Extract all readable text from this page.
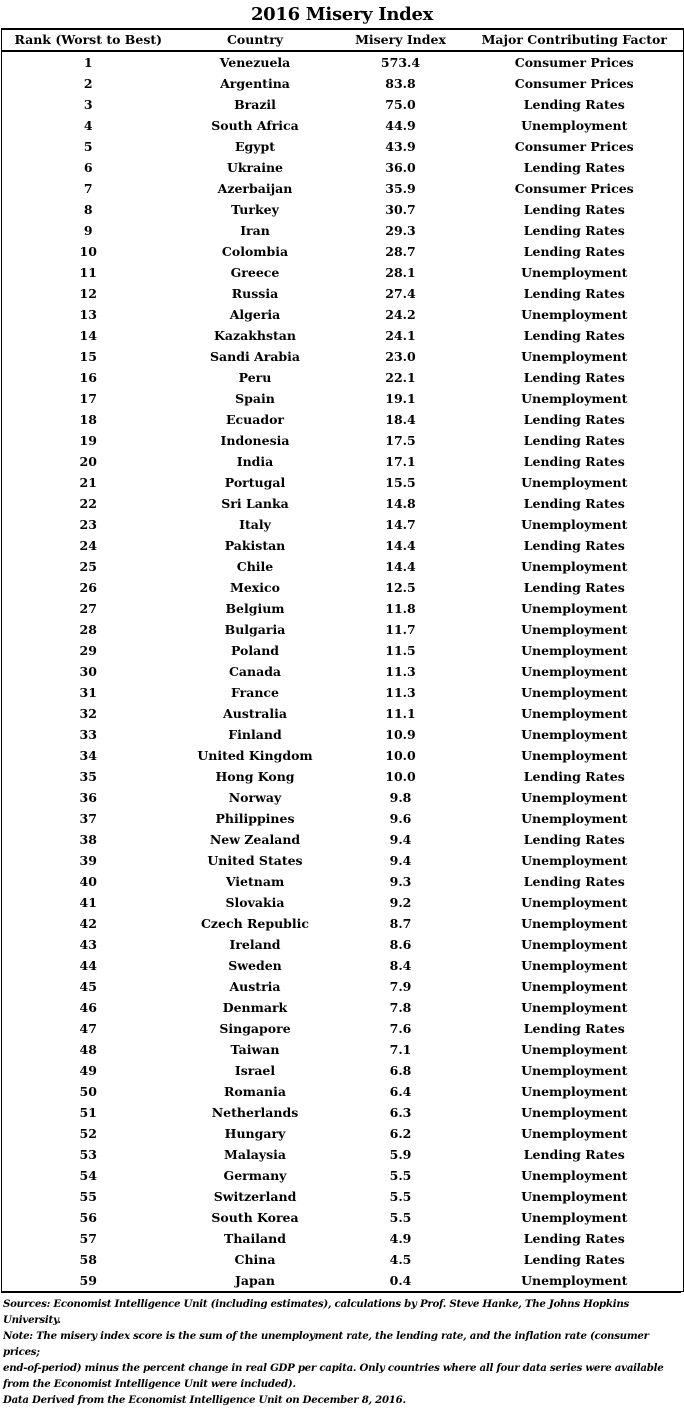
2016 Misery Index
Rank (Worst to Best)	Country	Misery Index	Major Contributing Factor
1	Venezuela	573.4	Consumer Prices
2	Argentina	83.8	Consumer Prices
3	Brazil	75.0	Lending Rates
4	South Africa	44.9	Unemployment
5	Egypt	43.9	Consumer Prices
6	Ukraine	36.0	Lending Rates
7	Azerbaijan	35.9	Consumer Prices
8	Turkey	30.7	Lending Rates
9	Iran	29.3	Lending Rates
10	Colombia	28.7	Lending Rates
11	Greece	28.1	Unemployment
12	Russia	27.4	Lending Rates
13	Algeria	24.2	Unemployment
14	Kazakhstan	24.1	Lending Rates
15	Sandi Arabia	23.0	Unemployment
16	Peru	22.1	Lending Rates
17	Spain	19.1	Unemployment
18	Ecuador	18.4	Lending Rates
19	Indonesia	17.5	Lending Rates
20	India	17.1	Lending Rates
21	Portugal	15.5	Unemployment
22	Sri Lanka	14.8	Lending Rates
23	Italy	14.7	Unemployment
24	Pakistan	14.4	Lending Rates
25	Chile	14.4	Unemployment
26	Mexico	12.5	Lending Rates
27	Belgium	11.8	Unemployment
28	Bulgaria	11.7	Unemployment
29	Poland	11.5	Unemployment
30	Canada	11.3	Unemployment
31	France	11.3	Unemployment
32	Australia	11.1	Unemployment
33	Finland	10.9	Unemployment
34	United Kingdom	10.0	Unemployment
35	Hong Kong	10.0	Lending Rates
36	Norway	9.8	Unemployment
37	Philippines	9.6	Unemployment
38	New Zealand	9.4	Lending Rates
39	United States	9.4	Unemployment
40	Vietnam	9.3	Lending Rates
41	Slovakia	9.2	Unemployment
42	Czech Republic	8.7	Unemployment
43	Ireland	8.6	Unemployment
44	Sweden	8.4	Unemployment
45	Austria	7.9	Unemployment
46	Denmark	7.8	Unemployment
47	Singapore	7.6	Lending Rates
48	Taiwan	7.1	Unemployment
49	Israel	6.8	Unemployment
50	Romania	6.4	Unemployment
51	Netherlands	6.3	Unemployment
52	Hungary	6.2	Unemployment
53	Malaysia	5.9	Lending Rates
54	Germany	5.5	Unemployment
55	Switzerland	5.5	Unemployment
56	South Korea	5.5	Unemployment
57	Thailand	4.9	Lending Rates
58	China	4.5	Lending Rates
59	Japan	0.4	Unemployment

Sources: Economist Intelligence Unit (including estimates), calculations by Prof. Steve Hanke, The Johns Hopkins University.

Note: The misery index score is the sum of the unemployment rate, the lending rate, and the inflation rate (consumer prices;

end-of-period) minus the percent change in real GDP per capita. Only countries where all four data series were available

from the Economist Intelligence Unit were included).

Data Derived from the Economist Intelligence Unit on December 8, 2016.
